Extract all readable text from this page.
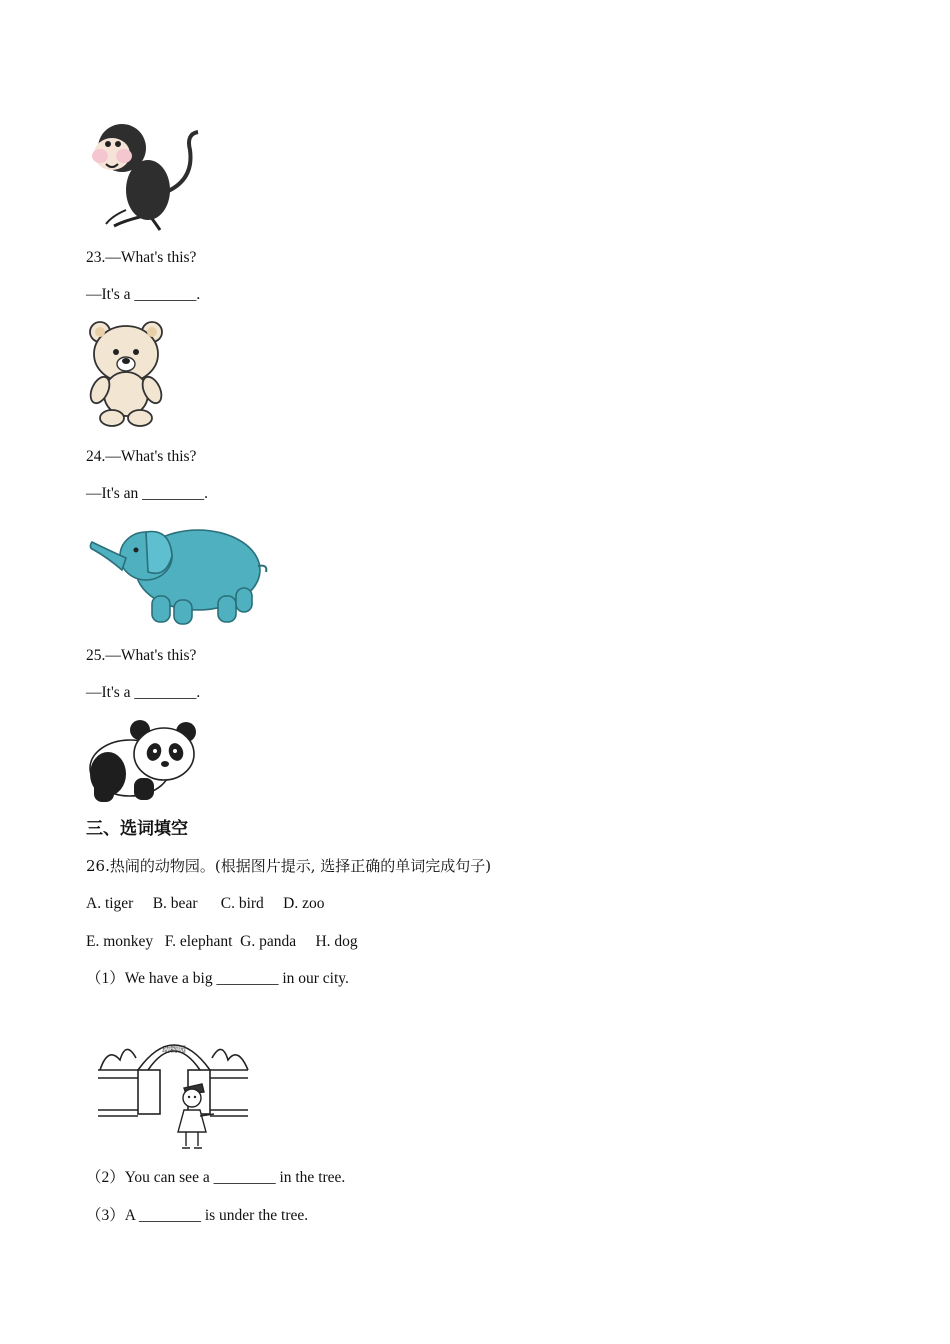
23.—What's this?
—It's a ________.
24.—What's this?
—It's an ________.
25.—What's this?
—It's a ________.
三、选词填空
26.热闹的动物园。(根据图片提示, 选择正确的单词完成句子)
A. tiger     B. bear      C. bird     D. zoo
E. monkey   F. elephant  G. panda     H. dog
（1）We have a big ________ in our city.
动物园
（2）You can see a ________ in the tree.
（3）A ________ is under the tree.
